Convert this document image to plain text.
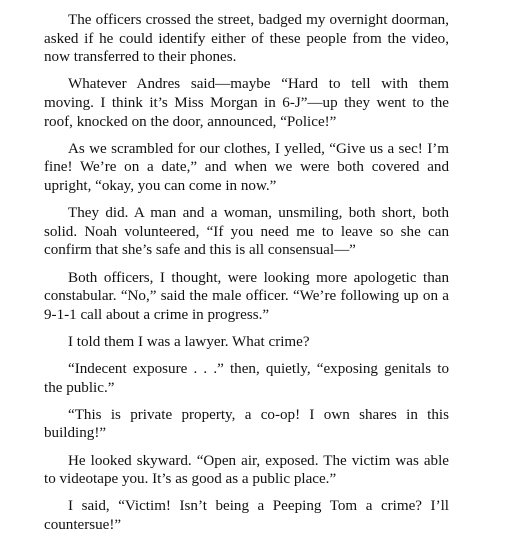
The officers crossed the street, badged my overnight doorman, asked if he could identify either of these people from the video, now transferred to their phones.

Whatever Andres said—maybe “Hard to tell with them moving. I think it’s Miss Morgan in 6-J”—up they went to the roof, knocked on the door, announced, “Police!”

As we scrambled for our clothes, I yelled, “Give us a sec! I’m fine! We’re on a date,” and when we were both covered and upright, “okay, you can come in now.”

They did. A man and a woman, unsmiling, both short, both solid. Noah volunteered, “If you need me to leave so she can confirm that she’s safe and this is all consensual—”

Both officers, I thought, were looking more apologetic than constabular. “No,” said the male officer. “We’re following up on a 9-1-1 call about a crime in progress.”

I told them I was a lawyer. What crime?

“Indecent exposure . . .” then, quietly, “exposing genitals to the public.”

“This is private property, a co-op! I own shares in this building!”

He looked skyward. “Open air, exposed. The victim was able to videotape you. It’s as good as a public place.”

I said, “Victim! Isn’t being a Peeping Tom a crime? I’ll countersue!”
